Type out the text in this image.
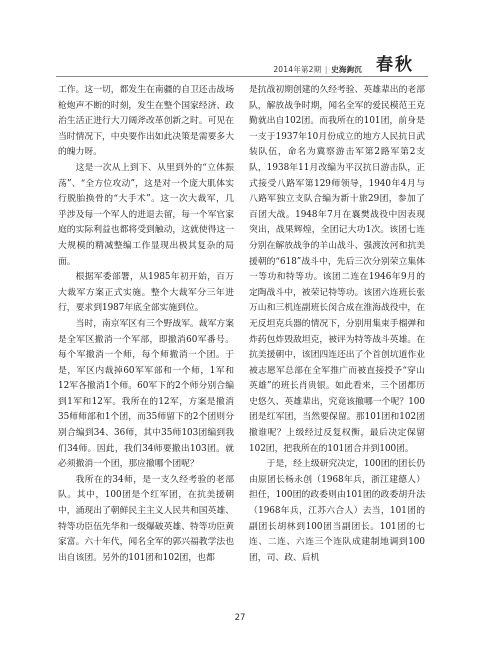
2014年第2期 | 史海鉤沉 春秋

工作。这一切，都发生在南疆的自卫还击战场枪炮声不断的时刻，发生在整个国家经济、政治生活正进行大刀阔斧改革创新之时。可见在当时情况下，中央要作出如此决策是需要多大的魄力呀。

这是一次从上到下、从里到外的“立体振荡”、“全方位攻动”，这是对一个庞大肌体实行脱胎换骨的“大手术”。这一次大裁军，几乎涉及每一个军人的进退去留，每一个军官家庭的实际利益也都将受到触动，这就使得这一大规模的精减整编工作显现出极其复杂的局面。

根据军委部署，从1985年初开始，百万大裁军方案正式实施。整个大裁军分三年进行，要求到1987年底全部实施到位。

当时，南京军区有三个野战军。裁军方案是全军区撤消一个军部，即撤消60军番号。每个军撤消一个师，每个师撤消一个团。于是，军区内裁掉60军军部和一个师，1军和12军各撤消1个师。60军下的2个师分别合编到1军和12军。我所在的12军，方案是撤消35师师部和1个团，而35师留下的2个团则分别合编到34、36师，其中35师103团编到我们34师。因此，我们34师要撤出103团。就必须撤消一个团，那应撤哪个团呢？

我所在的34师，是一支久经考验的老部队。其中，100团是个红军团，在抗美援朝中，涌现出了朝鲜民主主义人民共和国英雄、特等功臣伍先华和一级爆破英雄、特等功臣黄家富。六十年代，闻名全军的郭兴福教学法也出自该团。另外的101团和102团，也都

是抗战初期创建的久经考验、英雄辈出的老部队，解放战争时期，闻名全军的爱民模范王克勤就出自102团。而我所在的101团，前身是一支于1937年10月份成立的地方人民抗日武装队伍，命名为冀察游击军第2路军第2支队，1938年11月改编为平汉抗日游击队，正式接受八路军第129师领导，1940年4月与八路军独立支队合编为新十旅29团，参加了百团大战。1948年7月在襄樊战役中因表现突出，战果辉煌，全团记大功1次。该团七连分别在解放战争的羊山战斗、强渡汝河和抗美援朝的“618”战斗中，先后三次分别荣立集体一等功和特等功。该团二连在1946年9月的定陶战斗中，被荣记特等功。该团六连班长张万山和三机连副班长闵合成在淮海战役中，在无反坦克兵器的情况下，分别用集束手榴弹和炸药包炸毁敌坦克，被评为特等战斗英雄。在抗美援朝中，该团四连还出了个首创坑道作业被志愿军总部在全军推广而被直接授予“穿山英雄”的班长肖贵银。如此看来，三个团都历史悠久、英雄辈出，究竟该撤哪一个呢？100团是红军团，当然要保留。那101团和102团撤谁呢？上级经过反复权衡，最后决定保留102团，把我所在的101团合并到100团。

于是，经上级研究决定，100团的团长仍由原团长杨永创（1968年兵，浙江建德人）担任，100团的政委则由101团的政委胡升法（1968年兵，江苏六合人）去当，101团的副团长胡林到100团当副团长。101团的七连、二连、六连三个连队成建制地调到100团，司、政、后机

27
